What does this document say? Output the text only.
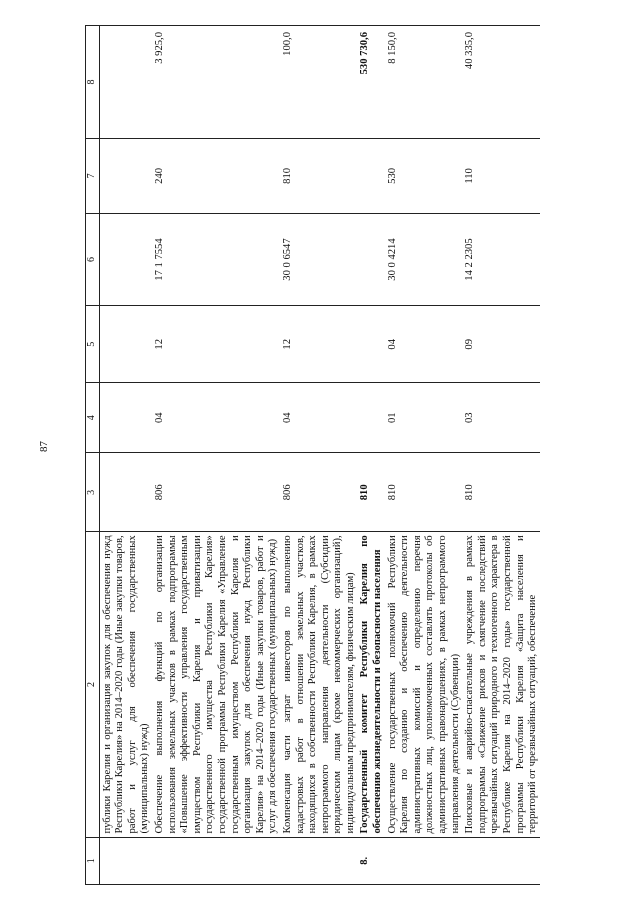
87
1	2	3	4	5	6	7	8
	публики Карелия и организация закупок для обеспечения нужд Республики Карелия» на 2014–2020 годы (Иные закупки товаров, работ и услуг для обеспечения государственных (муниципальных) нужд)						
	Обеспечение выполнения функций по организации использования земельных участков в рамках подпрограммы «Повышение эффективности управления государственным имуществом Республики Карелия и приватизации государственного имущества Республики Карелия» государственной программы Республики Карелия «Управление государственным имуществом Республики Карелия и организация закупок для обеспечения нужд Республики Карелия» на 2014–2020 годы (Иные закупки товаров, работ и услуг для обеспечения государственных (муниципальных) нужд)	806	04	12	17 1 7554	240	3 925,0
	Компенсация части затрат инвесторов по выполнению кадастровых работ в отношении земельных участков, находящихся в собственности Республики Карелия, в рамках непрограммого направления деятельности (Субсидии юридическим лицам (кроме некоммерческих организаций), индивидуальным предпринимателям, физическим лицам)	806	04	12	30 0 6547	810	100,0
8.	Государственный комитет Республики Карелия по обеспечению жизнедеятельности и безопасности населения	810					530 730,6
	Осуществление государственных полномочий Республики Карелия по созданию и обеспечению деятельности административных комиссий и определению перечня должностных лиц, уполномоченных составлять протоколы об административных правонарушениях, в рамках непрограммого направления деятельности (Субвенции)	810	01	04	30 0 4214	530	8 150,0
	Поисковые и аварийно-спасательные учреждения в рамках подпрограммы «Снижение рисков и смягчение последствий чрезвычайных ситуаций природного и техногенного характера в Республике Карелия на 2014–2020 годы» государственной программы Республики Карелия «Защита населения и территорий от чрезвычайных ситуаций, обеспечение	810	03	09	14 2 2305	110	40 335,0
